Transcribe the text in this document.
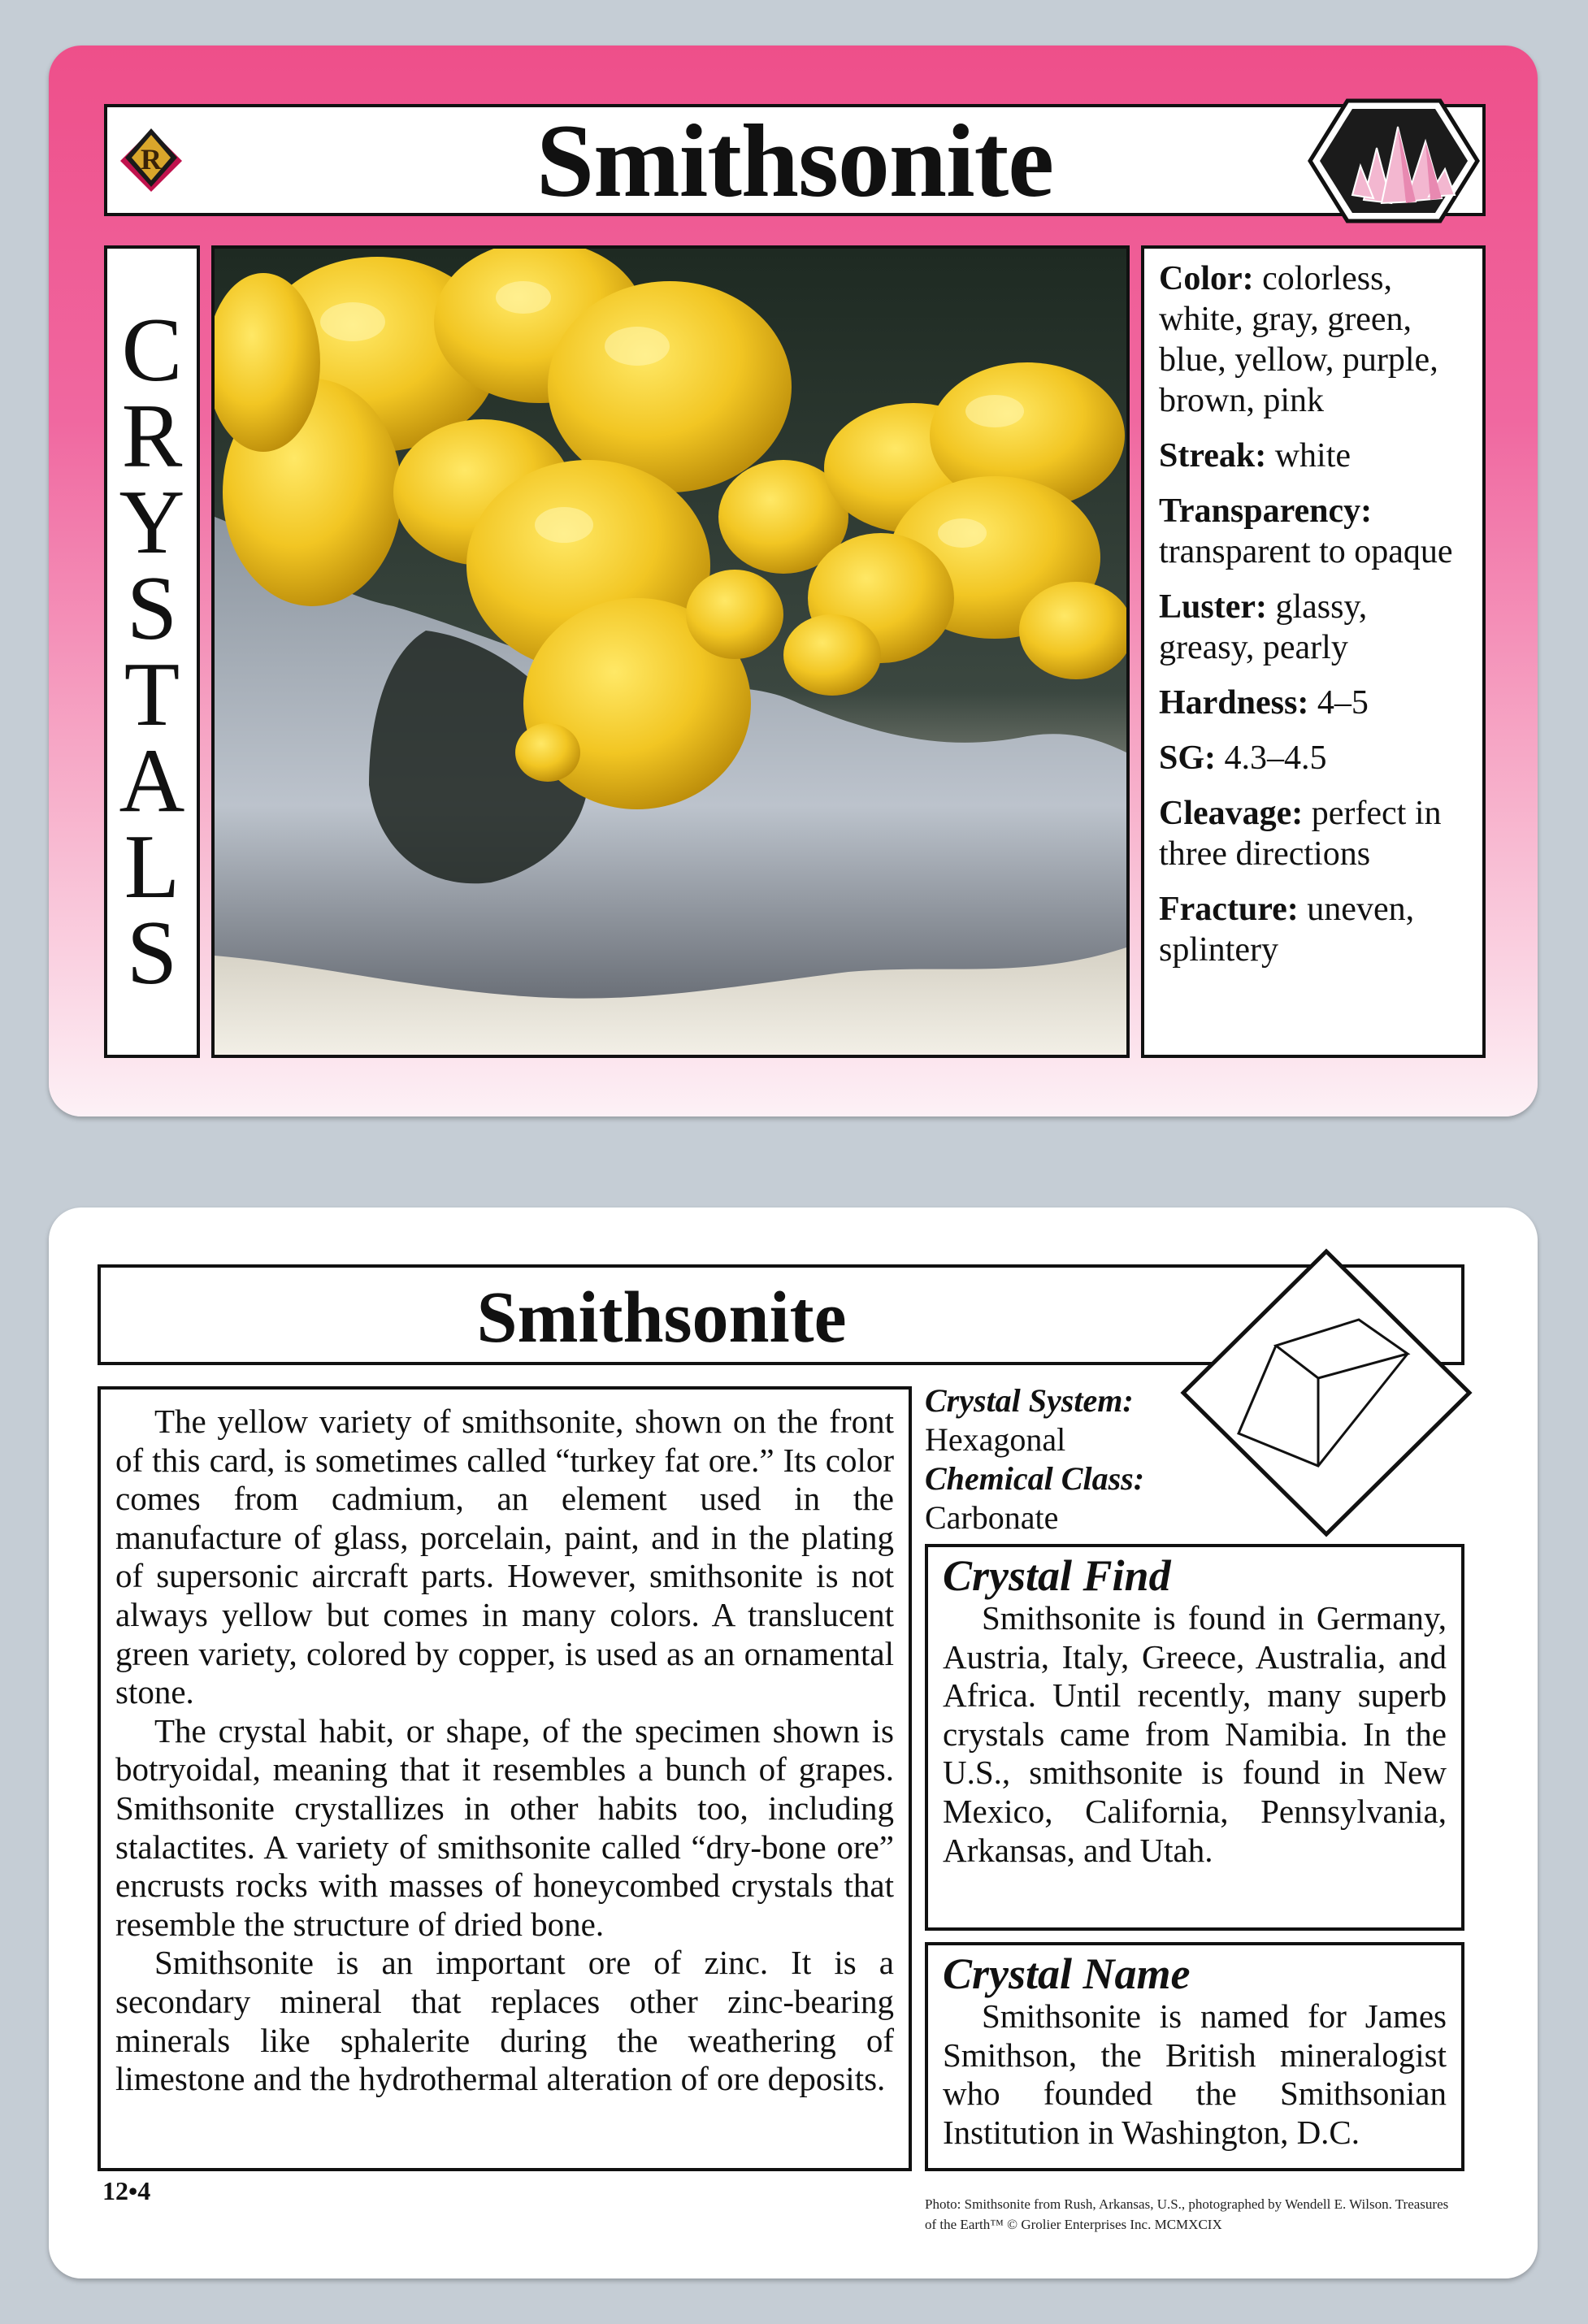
Smithsonite
R
C
R
Y
S
T
A
L
S
Color: colorless, white, gray, green, blue, yellow, purple, brown, pink
Streak: white
Transparency: transparent to opaque
Luster: glassy, greasy, pearly
Hardness: 4–5
SG: 4.3–4.5
Cleavage: perfect in three directions
Fracture: uneven, splintery
Smithsonite

The yellow variety of smithsonite, shown on the front of this card, is sometimes called “turkey fat ore.” Its color comes from cadmium, an element used in the manufacture of glass, porcelain, paint, and in the plating of supersonic aircraft parts. However, smithsonite is not always yellow but comes in many colors. A translucent green variety, colored by copper, is used as an ornamental stone.

The crystal habit, or shape, of the specimen shown is botryoidal, meaning that it resembles a bunch of grapes. Smithsonite crystallizes in other habits too, including stalactites. A variety of smithsonite called “dry-bone ore” encrusts rocks with masses of honeycombed crystals that resemble the structure of dried bone.

Smithsonite is an important ore of zinc. It is a secondary mineral that replaces other zinc-bearing minerals like sphalerite during the weathering of limestone and the hydrothermal alteration of ore deposits.

Crystal System:
Hexagonal
Chemical Class:
Carbonate
Crystal Find

Smithsonite is found in Germany, Austria, Italy, Greece, Australia, and Africa. Until recently, many superb crystals came from Namibia. In the U.S., smithsonite is found in New Mexico, California, Pennsylvania, Arkansas, and Utah.

Crystal Name

Smithsonite is named for James Smithson, the British mineralogist who founded the Smithsonian Institution in Washington, D.C.

12•4	Photo: Smithsonite from Rush, Arkansas, U.S., photographed by Wendell E. Wilson. Treasures of the Earth™ © Grolier Enterprises Inc. MCMXCIX
